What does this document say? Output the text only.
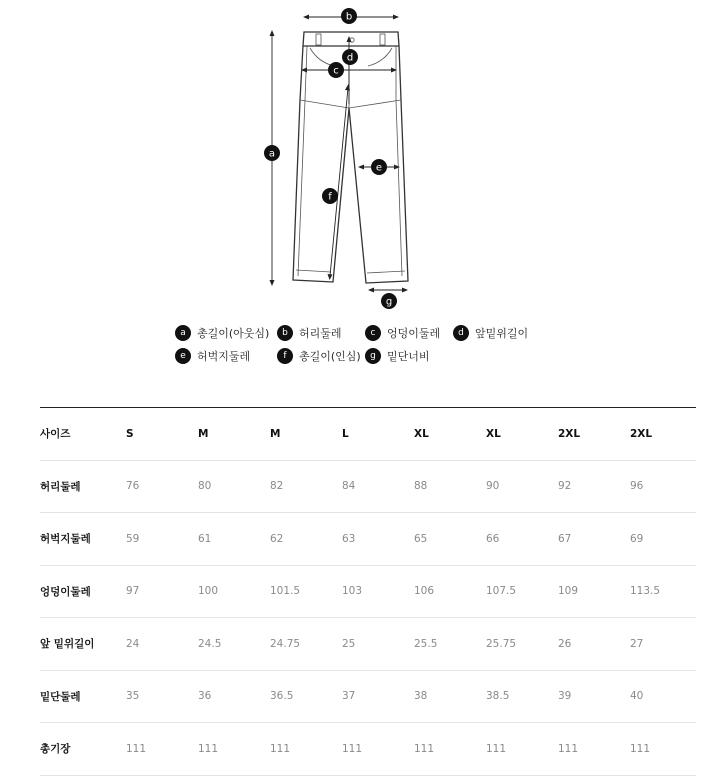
b
d
c
a
e
f
g
a	총길이(아웃심)	b	허리둘레	c	엉덩이둘레	d	앞밑위길이
e	허벅지둘레	f	총길이(인심)	g	밑단너비
사이즈	S	M	M	L	XL	XL	2XL	2XL
허리둘레	76	80	82	84	88	90	92	96
허벅지둘레	59	61	62	63	65	66	67	69
엉덩이둘레	97	100	101.5	103	106	107.5	109	113.5
앞 밑위길이	24	24.5	24.75	25	25.5	25.75	26	27
밑단둘레	35	36	36.5	37	38	38.5	39	40
총기장	111	111	111	111	111	111	111	111
